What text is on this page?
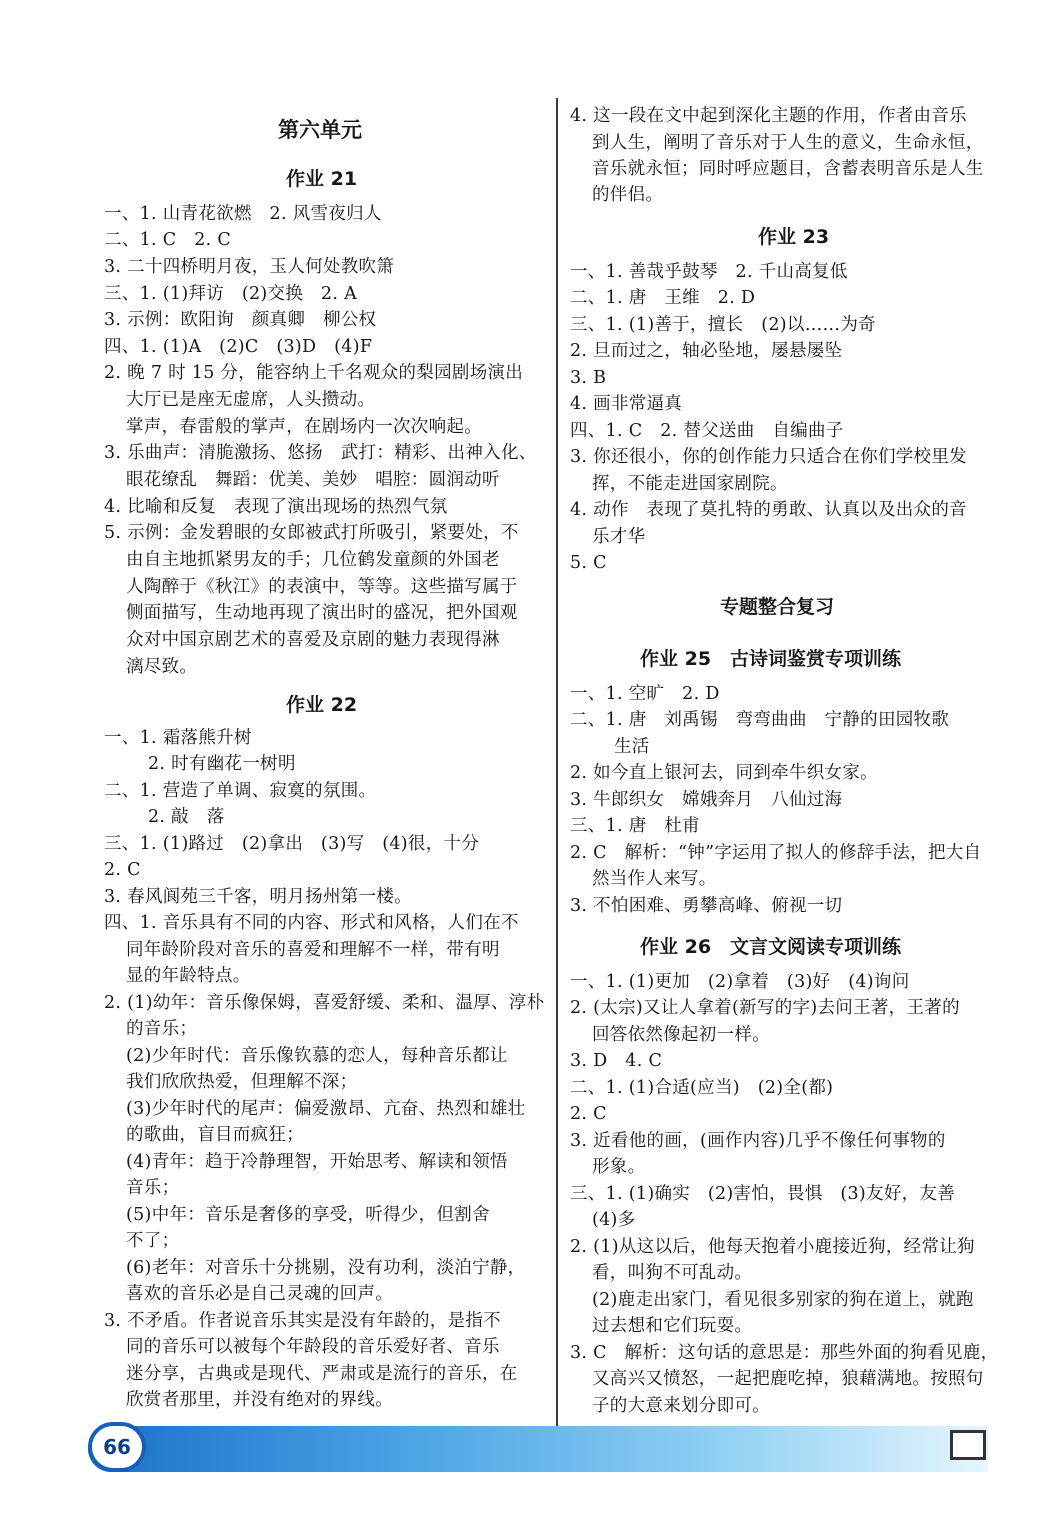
第六单元
作业 21
一、1. 山青花欲燃　2. 风雪夜归人
二、1. C　2. C
3. 二十四桥明月夜，玉人何处教吹箫
三、1. (1)拜访　(2)交换　2. A
3. 示例：欧阳询　颜真卿　柳公权
四、1. (1)A　(2)C　(3)D　(4)F
2. 晚 7 时 15 分，能容纳上千名观众的梨园剧场演出
大厅已是座无虚席，人头攒动。
掌声，春雷般的掌声，在剧场内一次次响起。
3. 乐曲声：清脆激扬、悠扬　武打：精彩、出神入化、
眼花缭乱　舞蹈：优美、美妙　唱腔：圆润动听
4. 比喻和反复　表现了演出现场的热烈气氛
5. 示例：金发碧眼的女郎被武打所吸引，紧要处，不
由自主地抓紧男友的手；几位鹤发童颜的外国老
人陶醉于《秋江》的表演中，等等。这些描写属于
侧面描写，生动地再现了演出时的盛况，把外国观
众对中国京剧艺术的喜爱及京剧的魅力表现得淋
漓尽致。
作业 22
一、1. 霜落熊升树
2. 时有幽花一树明
二、1. 营造了单调、寂寞的氛围。
2. 敲　落
三、1. (1)路过　(2)拿出　(3)写　(4)很，十分
2. C
3. 春风阆苑三千客，明月扬州第一楼。
四、1. 音乐具有不同的内容、形式和风格，人们在不
同年龄阶段对音乐的喜爱和理解不一样，带有明
显的年龄特点。
2. (1)幼年：音乐像保姆，喜爱舒缓、柔和、温厚、淳朴
的音乐；
(2)少年时代：音乐像钦慕的恋人，每种音乐都让
我们欣欣热爱，但理解不深；
(3)少年时代的尾声：偏爱激昂、亢奋、热烈和雄壮
的歌曲，盲目而疯狂；
(4)青年：趋于冷静理智，开始思考、解读和领悟
音乐；
(5)中年：音乐是奢侈的享受，听得少，但割舍
不了；
(6)老年：对音乐十分挑剔，没有功利，淡泊宁静，
喜欢的音乐必是自己灵魂的回声。
3. 不矛盾。作者说音乐其实是没有年龄的，是指不
同的音乐可以被每个年龄段的音乐爱好者、音乐
迷分享，古典或是现代、严肃或是流行的音乐，在
欣赏者那里，并没有绝对的界线。
4. 这一段在文中起到深化主题的作用，作者由音乐
到人生，阐明了音乐对于人生的意义，生命永恒，
音乐就永恒；同时呼应题目，含蓄表明音乐是人生
的伴侣。
作业 23
一、1. 善哉乎鼓琴　2. 千山高复低
二、1. 唐　王维　2. D
三、1. (1)善于，擅长　(2)以……为奇
2. 旦而过之，轴必坠地，屡悬屡坠
3. B
4. 画非常逼真
四、1. C　2. 替父送曲　自编曲子
3. 你还很小，你的创作能力只适合在你们学校里发
挥，不能走进国家剧院。
4. 动作　表现了莫扎特的勇敢、认真以及出众的音
乐才华
5. C
专题整合复习
作业 25　古诗词鉴赏专项训练
一、1. 空旷　2. D
二、1. 唐　刘禹锡　弯弯曲曲　宁静的田园牧歌
生活
2. 如今直上银河去，同到牵牛织女家。
3. 牛郎织女　嫦娥奔月　八仙过海
三、1. 唐　杜甫
2. C　解析：“钟”字运用了拟人的修辞手法，把大自
然当作人来写。
3. 不怕困难、勇攀高峰、俯视一切
作业 26　文言文阅读专项训练
一、1. (1)更加　(2)拿着　(3)好　(4)询问
2. (太宗)又让人拿着(新写的字)去问王著，王著的
回答依然像起初一样。
3. D　4. C
二、1. (1)合适(应当)　(2)全(都)
2. C
3. 近看他的画，(画作内容)几乎不像任何事物的
形象。
三、1. (1)确实　(2)害怕，畏惧　(3)友好，友善
(4)多
2. (1)从这以后，他每天抱着小鹿接近狗，经常让狗
看，叫狗不可乱动。
(2)鹿走出家门，看见很多别家的狗在道上，就跑
过去想和它们玩耍。
3. C　解析：这句话的意思是：那些外面的狗看见鹿，
又高兴又愤怒，一起把鹿吃掉，狼藉满地。按照句
子的大意来划分即可。
66
